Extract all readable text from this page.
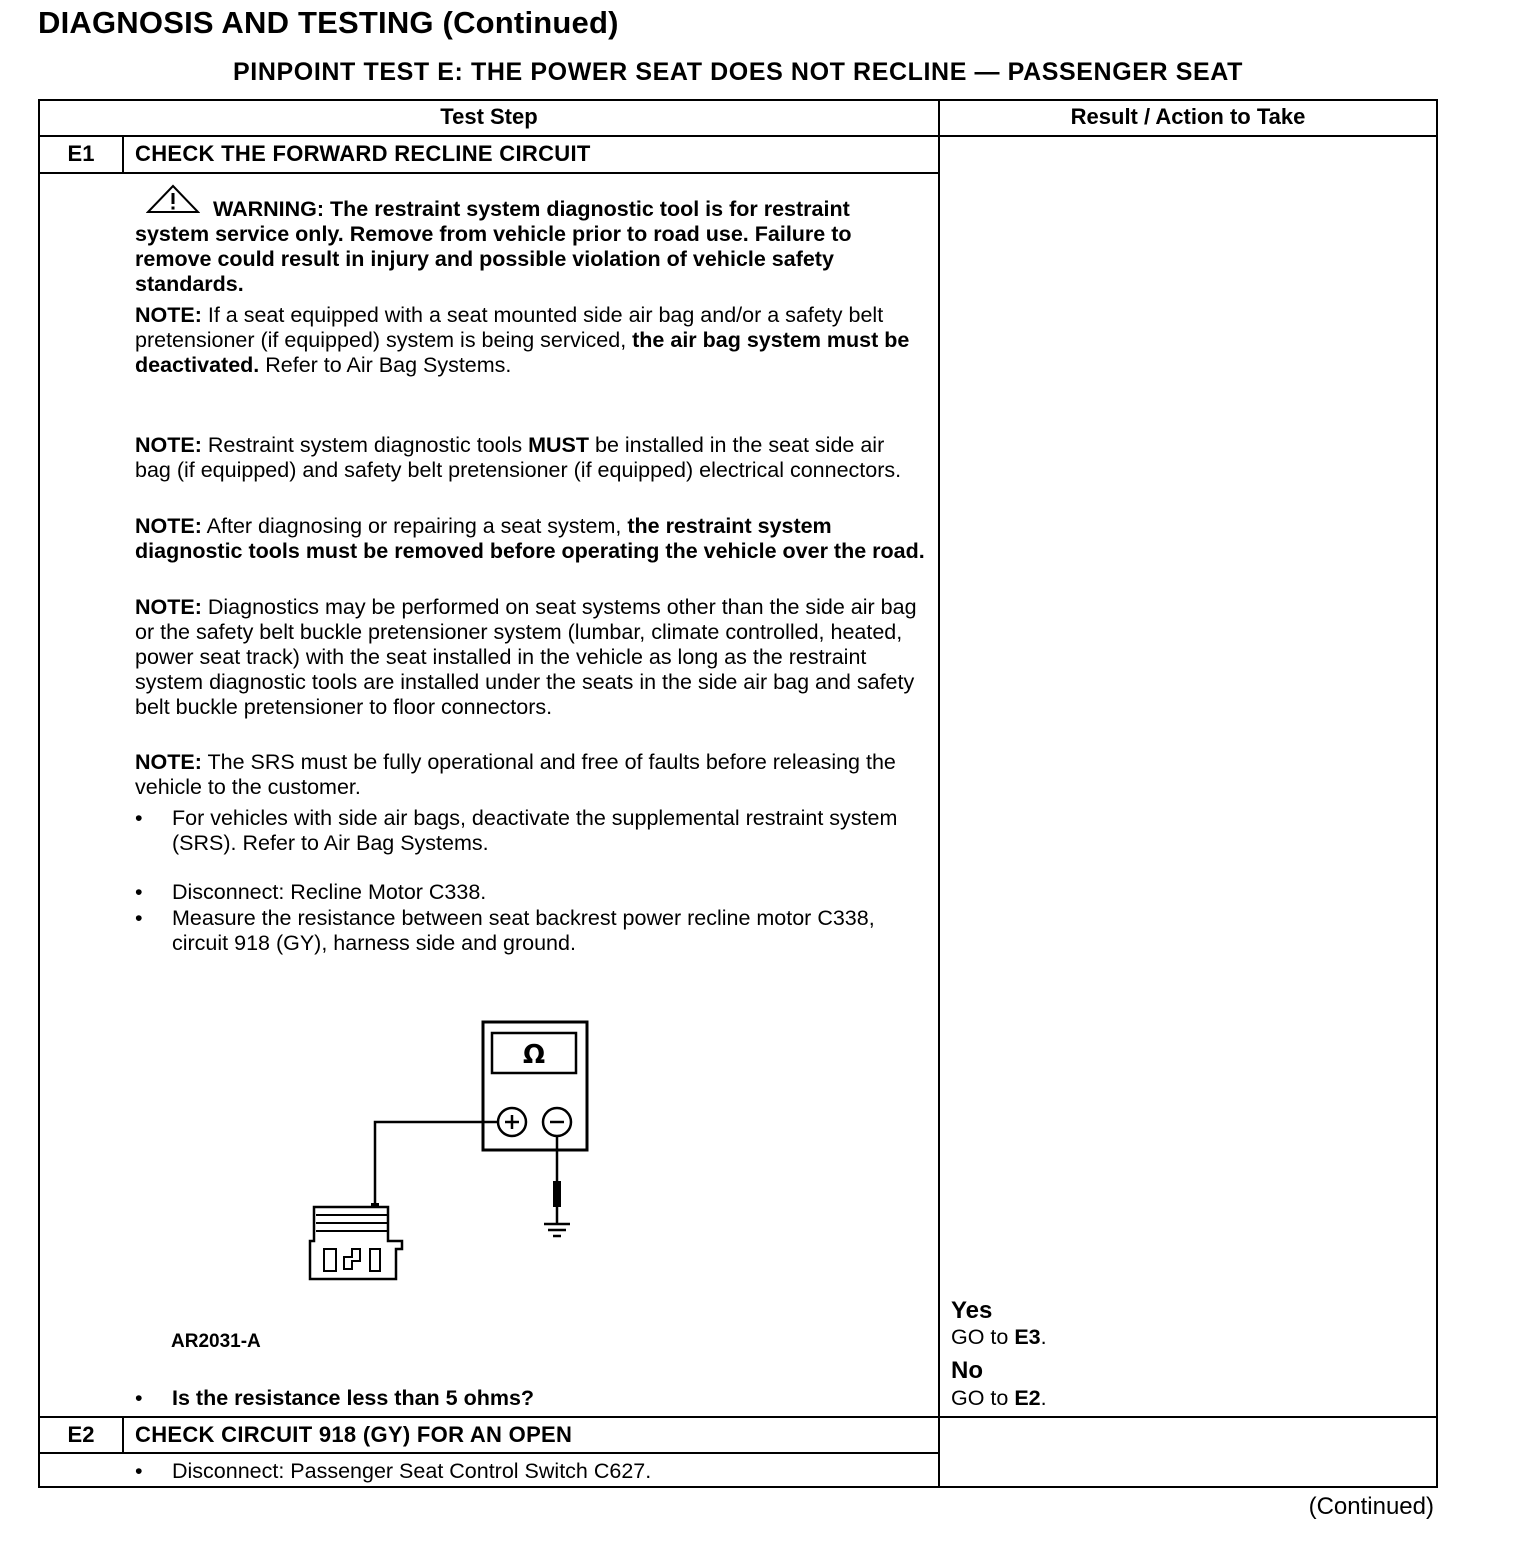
DIAGNOSIS AND TESTING (Continued)
PINPOINT TEST E: THE POWER SEAT DOES NOT RECLINE — PASSENGER SEAT
Test Step	Result / Action to Take
E1	CHECK THE FORWARD RECLINE CIRCUIT
WARNING: The restraint system diagnostic tool is for restraint system service only. Remove from vehicle prior to road use. Failure to remove could result in injury and possible violation of vehicle safety standards.
NOTE: If a seat equipped with a seat mounted side air bag and/or a safety belt pretensioner (if equipped) system is being serviced, the air bag system must be deactivated. Refer to Air Bag Systems.
NOTE: Restraint system diagnostic tools MUST be installed in the seat side air bag (if equipped) and safety belt pretensioner (if equipped) electrical connectors.
NOTE: After diagnosing or repairing a seat system, the restraint system diagnostic tools must be removed before operating the vehicle over the road.
NOTE: Diagnostics may be performed on seat systems other than the side air bag or the safety belt buckle pretensioner system (lumbar, climate controlled, heated, power seat track) with the seat installed in the vehicle as long as the restraint system diagnostic tools are installed under the seats in the side air bag and safety belt buckle pretensioner to floor connectors.
NOTE: The SRS must be fully operational and free of faults before releasing the vehicle to the customer.
• For vehicles with side air bags, deactivate the supplemental restraint system (SRS). Refer to Air Bag Systems.
• Disconnect: Recline Motor C338.
• Measure the resistance between seat backrest power recline motor C338, circuit 918 (GY), harness side and ground.
Ω
AR2031-A
• Is the resistance less than 5 ohms?
Yes
GO to E3.
No
GO to E2.
E2	CHECK CIRCUIT 918 (GY) FOR AN OPEN
• Disconnect: Passenger Seat Control Switch C627.
(Continued)
